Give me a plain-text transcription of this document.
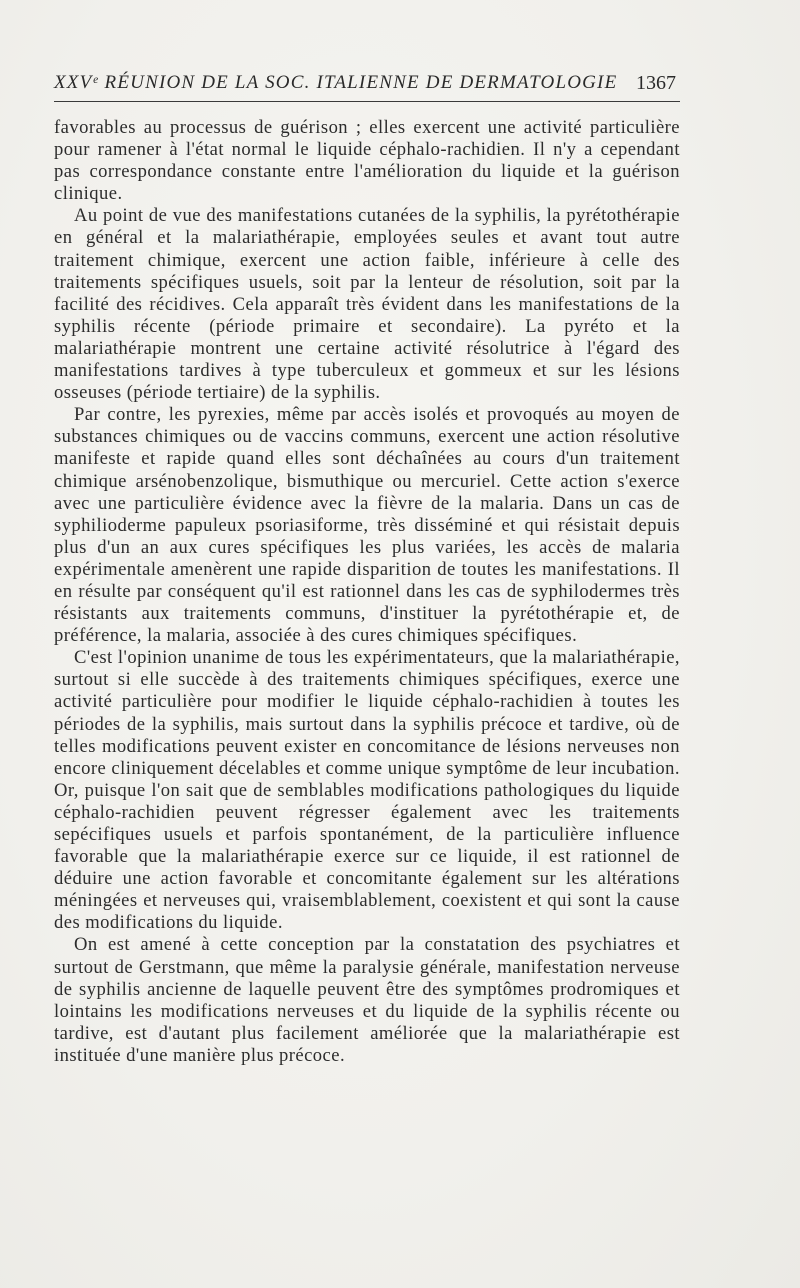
XXVᵉ RÉUNION DE LA SOC. ITALIENNE DE DERMATOLOGIE 1367

favorables au processus de guérison ; elles exercent une activité particulière pour ramener à l'état normal le liquide céphalo-rachidien. Il n'y a cependant pas correspondance constante entre l'amélioration du liquide et la guérison clinique.

Au point de vue des manifestations cutanées de la syphilis, la pyrétothérapie en général et la malariathérapie, employées seules et avant tout autre traitement chimique, exercent une action faible, inférieure à celle des traitements spécifiques usuels, soit par la lenteur de résolution, soit par la facilité des récidives. Cela apparaît très évident dans les manifestations de la syphilis récente (période primaire et secondaire). La pyréto et la malariathérapie montrent une certaine activité résolutrice à l'égard des manifestations tardives à type tuberculeux et gommeux et sur les lésions osseuses (période tertiaire) de la syphilis.

Par contre, les pyrexies, même par accès isolés et provoqués au moyen de substances chimiques ou de vaccins communs, exercent une action résolutive manifeste et rapide quand elles sont déchaînées au cours d'un traitement chimique arsénobenzolique, bismuthique ou mercuriel. Cette action s'exerce avec une particulière évidence avec la fièvre de la malaria. Dans un cas de syphilioderme papuleux psoriasiforme, très disséminé et qui résistait depuis plus d'un an aux cures spécifiques les plus variées, les accès de malaria expérimentale amenèrent une rapide disparition de toutes les manifestations. Il en résulte par conséquent qu'il est rationnel dans les cas de syphilodermes très résistants aux traitements communs, d'instituer la pyrétothérapie et, de préférence, la malaria, associée à des cures chimiques spécifiques.

C'est l'opinion unanime de tous les expérimentateurs, que la malariathérapie, surtout si elle succède à des traitements chimiques spécifiques, exerce une activité particulière pour modifier le liquide céphalo-rachidien à toutes les périodes de la syphilis, mais surtout dans la syphilis précoce et tardive, où de telles modifications peuvent exister en concomitance de lésions nerveuses non encore cliniquement décelables et comme unique symptôme de leur incubation. Or, puisque l'on sait que de semblables modifications pathologiques du liquide céphalo-rachidien peuvent régresser également avec les traitements sepécifiques usuels et parfois spontanément, de la particulière influence favorable que la malariathérapie exerce sur ce liquide, il est rationnel de déduire une action favorable et concomitante également sur les altérations méningées et nerveuses qui, vraisemblablement, coexistent et qui sont la cause des modifications du liquide.

On est amené à cette conception par la constatation des psychiatres et surtout de Gerstmann, que même la paralysie générale, manifestation nerveuse de syphilis ancienne de laquelle peuvent être des symptômes prodromiques et lointains les modifications nerveuses et du liquide de la syphilis récente ou tardive, est d'autant plus facilement améliorée que la malariathérapie est instituée d'une manière plus précoce.
